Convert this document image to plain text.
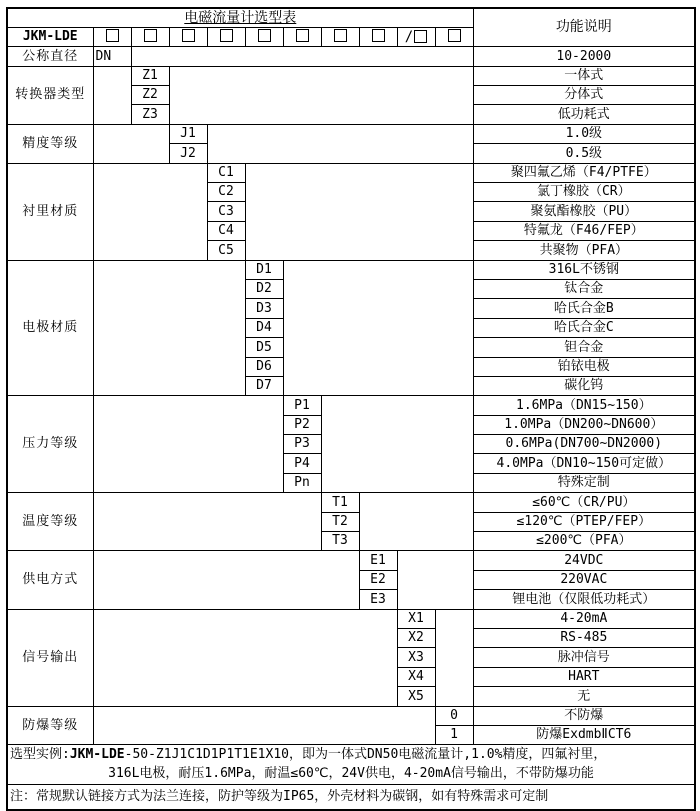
电磁流量计选型表											功能说明
JKM-LDE									/		
公称直径	DN										10-2000
转换器类型		Z1									一体式
		Z2									分体式
		Z3									低功耗式
精度等级			J1								1.0级
			J2								0.5级
衬里材质				C1							聚四氟乙烯（F4/PTFE）
				C2							氯丁橡胶（CR）
				C3							聚氨酯橡胶（PU）
				C4							特氟龙（F46/FEP）
				C5							共聚物（PFA）
电极材质					D1						316L不锈钢
					D2						钛合金
					D3						哈氏合金B
					D4						哈氏合金C
					D5						钽合金
					D6						铂铱电极
					D7						碳化钨
压力等级						P1					1.6MPa（DN15~150）
						P2					1.0MPa（DN200~DN600）
						P3					0.6MPa(DN700~DN2000)
						P4					4.0MPa（DN10~150可定做）
						Pn					特殊定制
温度等级							T1				≤60℃（CR/PU）
							T2				≤120℃（PTEP/FEP）
							T3				≤200℃（PFA）
供电方式								E1			24VDC
								E2			220VAC
								E3			锂电池（仅限低功耗式）
信号输出									X1		4-20mA
									X2		RS-485
									X3		脉冲信号
									X4		HART
									X5		无
防爆等级										0	不防爆
										1	防爆ExdmbⅡCT6

选型实例:JKM-LDE-50-Z1J1C1D1P1T1E1X10，即为一体式DN50电磁流量计,1.0%精度，四氟衬里，
316L电极，耐压1.6MPa，耐温≤60℃，24V供电，4-20mA信号输出，不带防爆功能											

注：常规默认链接方式为法兰连接，防护等级为IP65，外壳材料为碳钢，如有特殊需求可定制											
